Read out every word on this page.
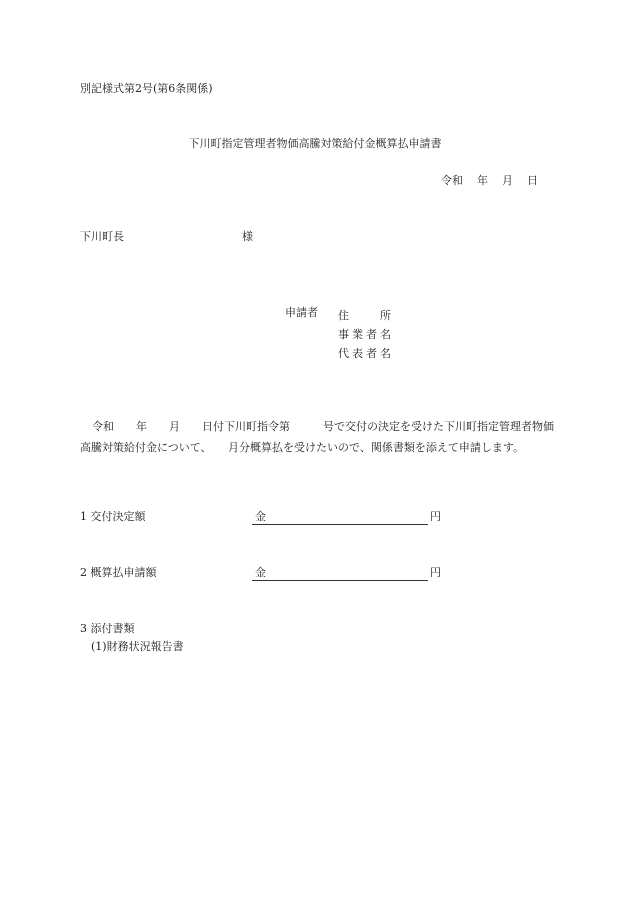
別記様式第2号(第6条関係)
下川町指定管理者物価高騰対策給付金概算払申請書
令和 年 月 日
下川町長	様
申請者 住　　所
事業者名
代表者名
令和　　年　　月　　日付下川町指令第　　　号で交付の決定を受けた下川町指定管理者物価
高騰対策給付金について、　　月分概算払を受けたいので、関係書類を添えて申請します。
1 交付決定額	金	円
2 概算払申請額	金	円
3 添付書類
(1)財務状況報告書
